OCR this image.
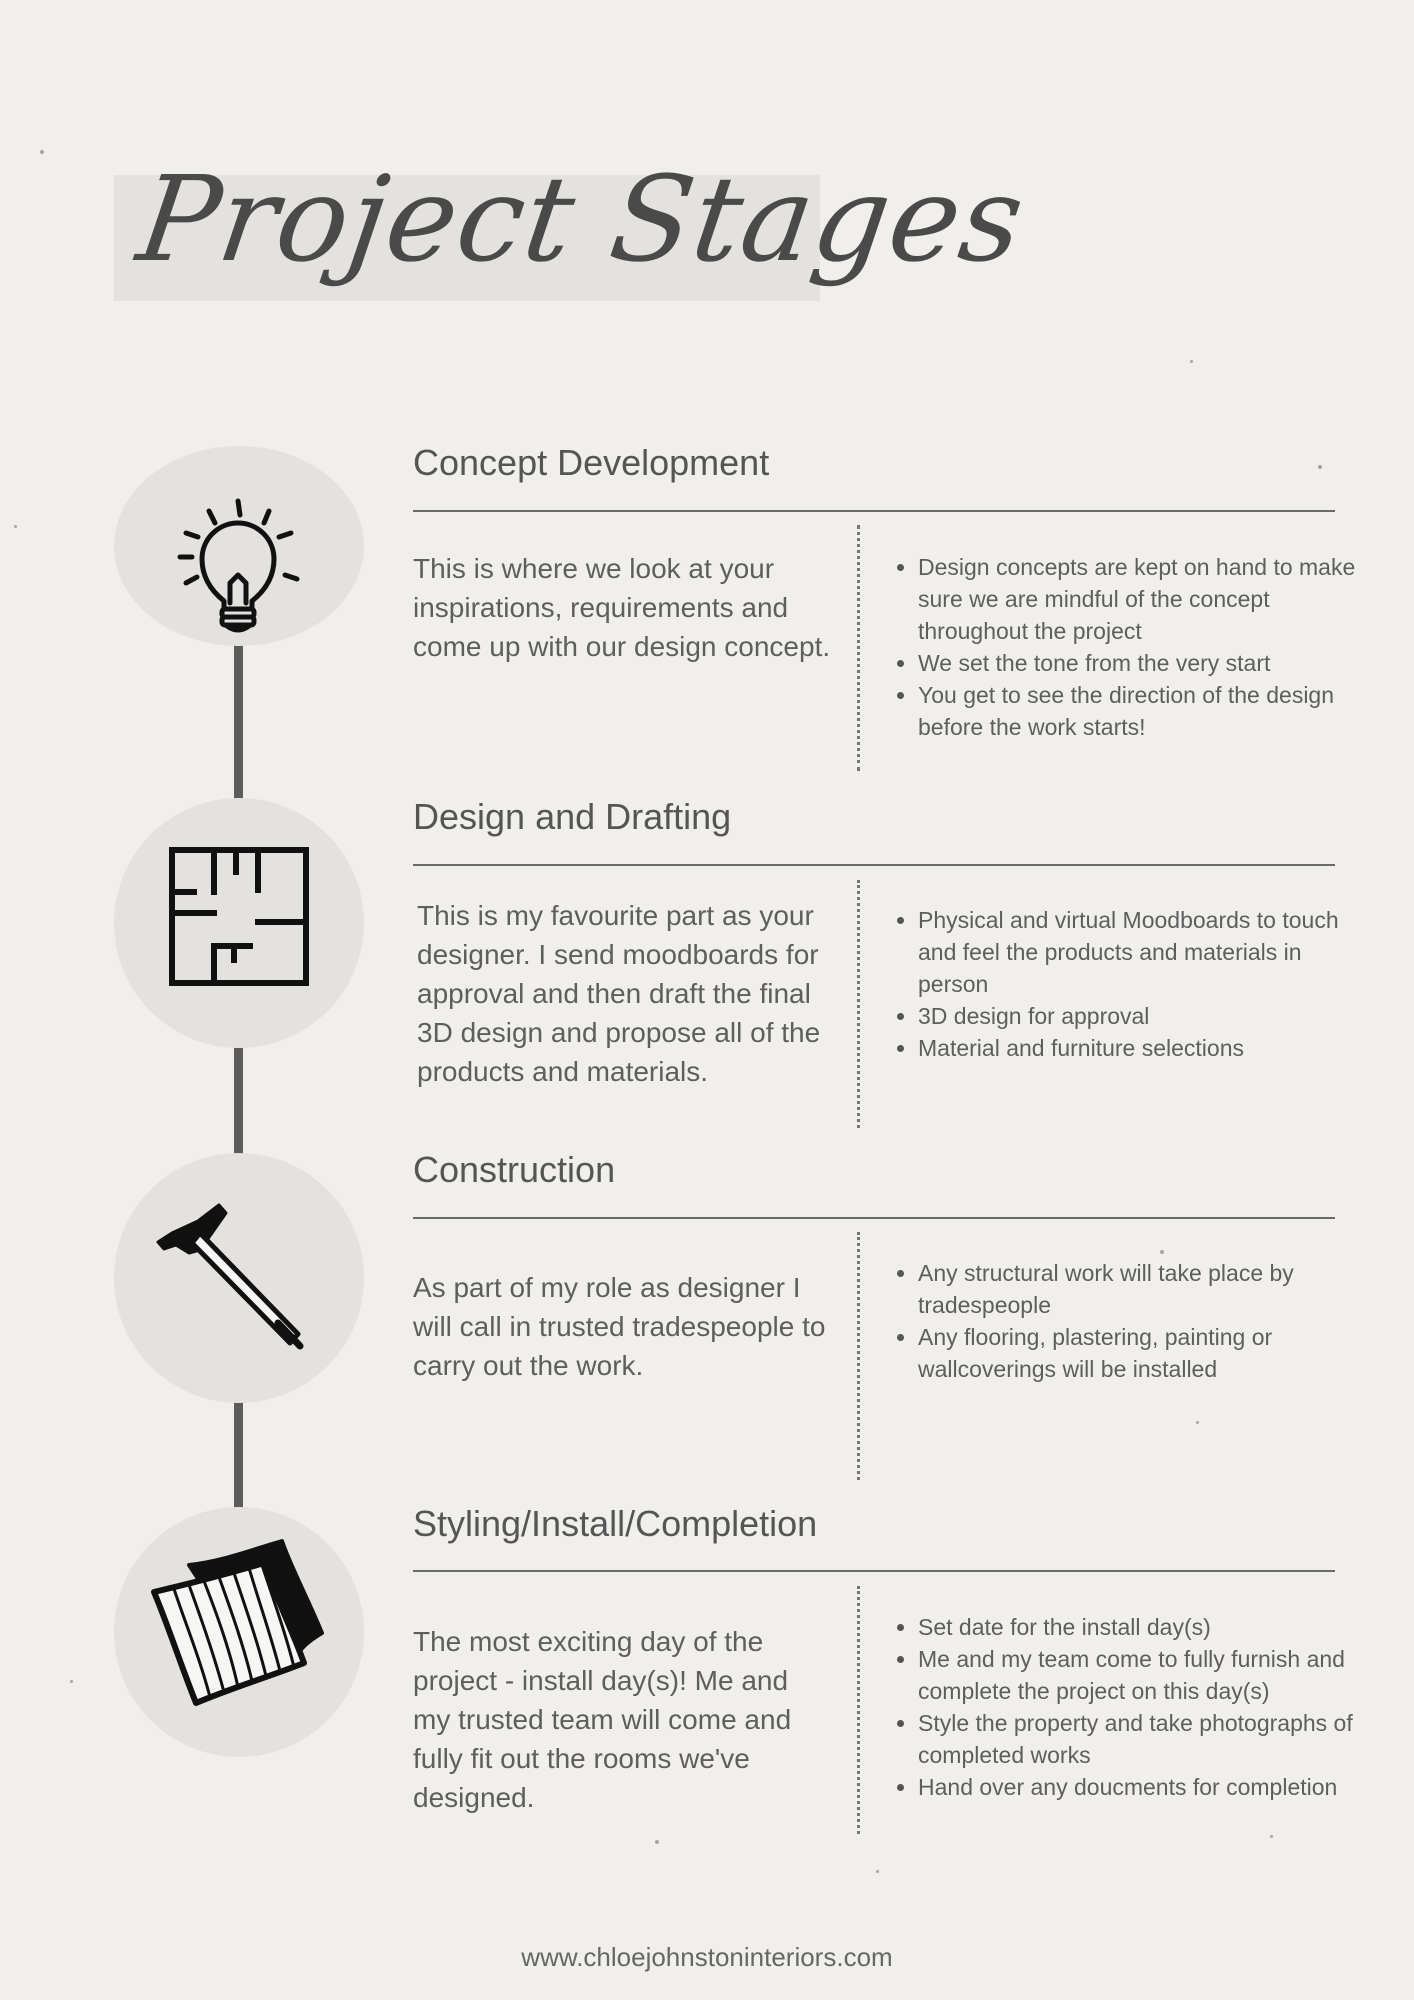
Project Stages
Concept Development
This is where we look at your inspirations, requirements and come up with our design concept.
• Design concepts are kept on hand to make sure we are mindful of the concept throughout the project
• We set the tone from the very start
• You get to see the direction of the design before the work starts!
Design and Drafting
This is my favourite part as your designer. I send moodboards for approval and then draft the final 3D design and propose all of the products and materials.
• Physical and virtual Moodboards to touch and feel the products and materials in person
• 3D design for approval
• Material and furniture selections
Construction
As part of my role as designer I will call in trusted tradespeople to carry out the work.
• Any structural work will take place by tradespeople
• Any flooring, plastering, painting or wallcoverings will be installed
Styling/Install/Completion
The most exciting day of the project - install day(s)! Me and my trusted team will come and fully fit out the rooms we've designed.
• Set date for the install day(s)
• Me and my team come to fully furnish and complete the project on this day(s)
• Style the property and take photographs of completed works
• Hand over any doucments for completion
www.chloejohnstoninteriors.com
